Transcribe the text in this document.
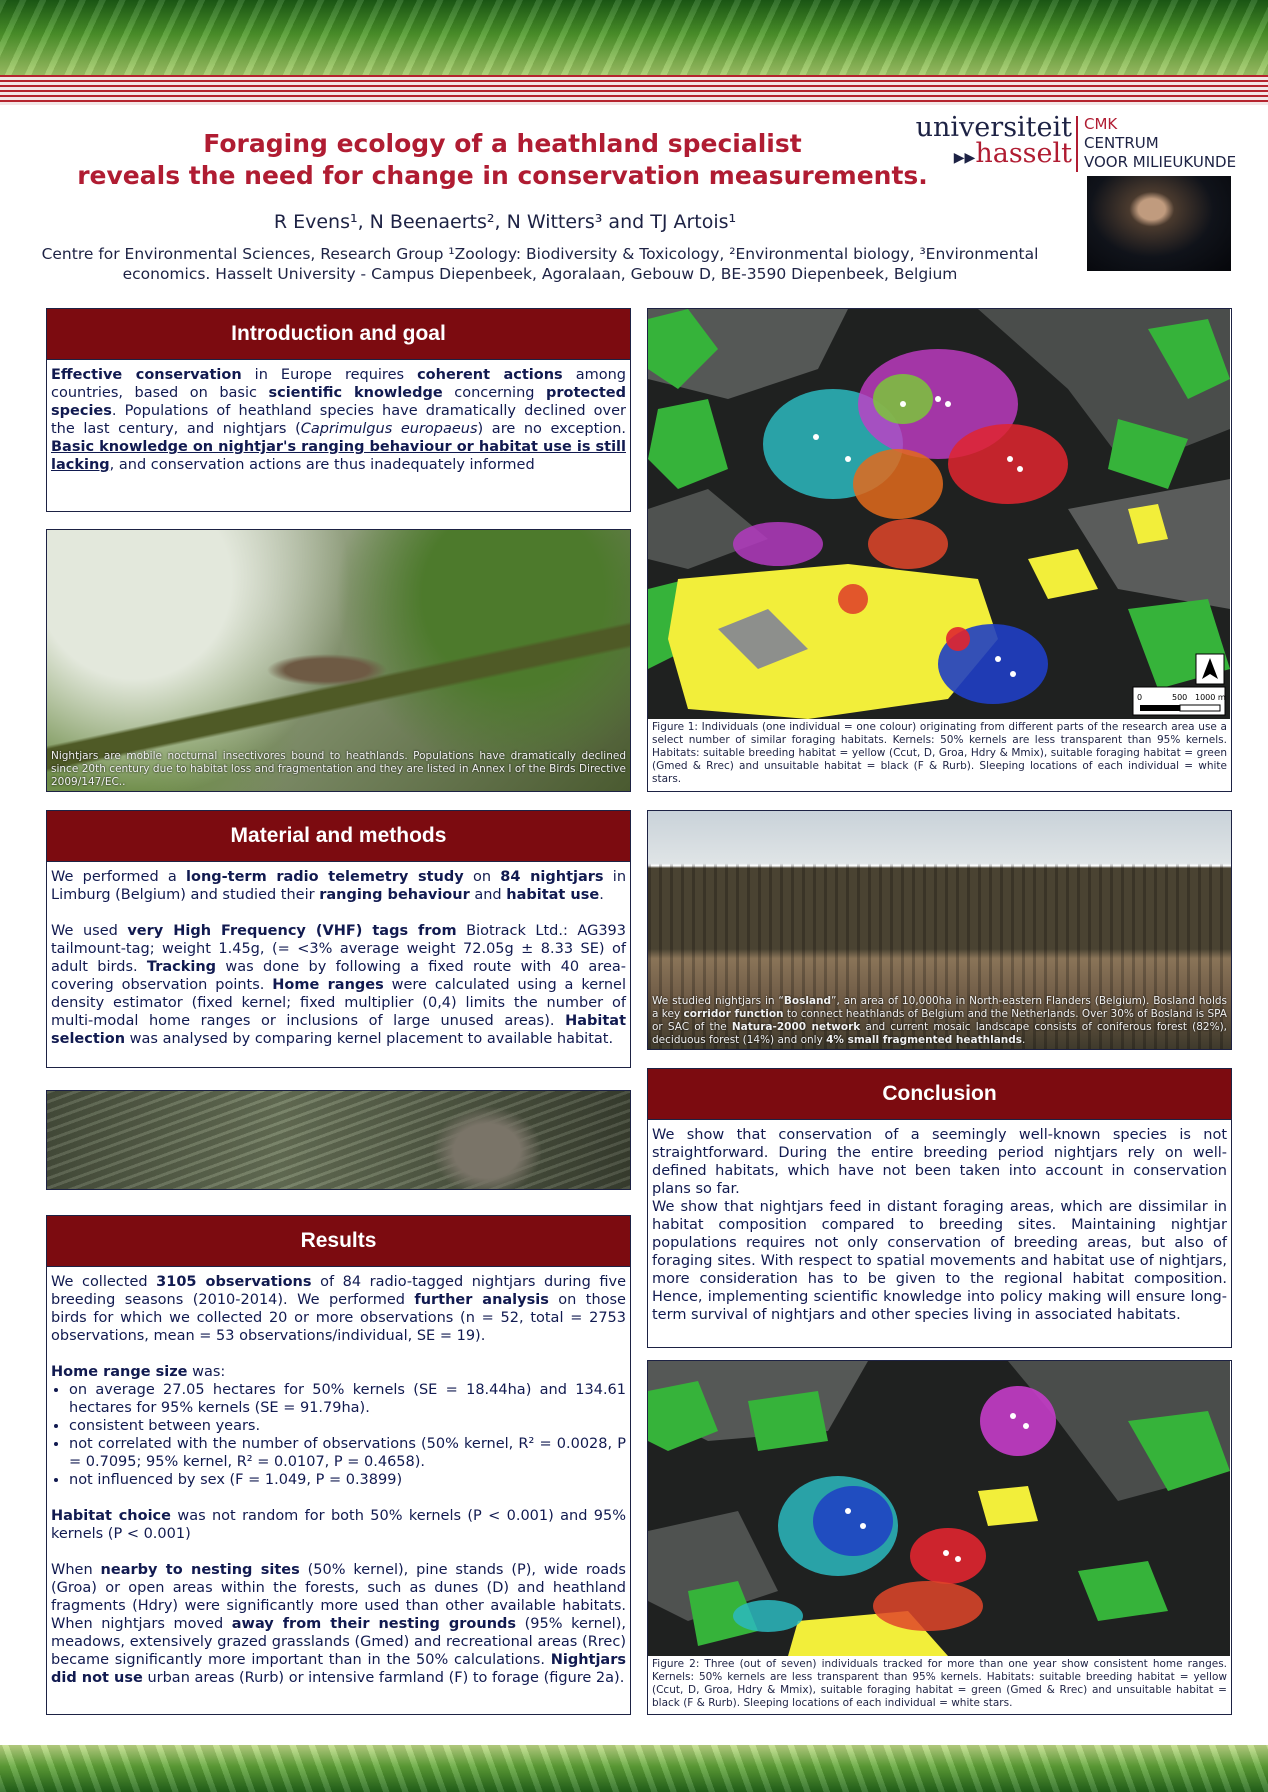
Foraging ecology of a heathland specialist
reveals the need for change in conservation measurements.
R Evens¹, N Beenaerts², N Witters³ and TJ Artois¹
Centre for Environmental Sciences, Research Group ¹Zoology: Biodiversity & Toxicology, ²Environmental biology, ³Environmental economics. Hasselt University - Campus Diepenbeek, Agoralaan, Gebouw D, BE-3590 Diepenbeek, Belgium
universiteit
▶▶hasselt
CMK
CENTRUM
VOOR MILIEUKUNDE
Introduction and goal

Effective conservation in Europe requires coherent actions among countries, based on basic scientific knowledge concerning protected species. Populations of heathland species have dramatically declined over the last century, and nightjars (Caprimulgus europaeus) are no exception. Basic knowledge on nightjar's ranging behaviour or habitat use is still lacking, and conservation actions are thus inadequately informed

Nightjars are mobile nocturnal insectivores bound to heathlands. Populations have dramatically declined since 20th century due to habitat loss and fragmentation and they are listed in Annex I of the Birds Directive 2009/147/EC..
Material and methods

We performed a long-term radio telemetry study on 84 nightjars in Limburg (Belgium) and studied their ranging behaviour and habitat use.

We used very High Frequency (VHF) tags from Biotrack Ltd.: AG393 tailmount-tag; weight 1.45g, (= <3% average weight 72.05g ± 8.33 SE) of adult birds. Tracking was done by following a fixed route with 40 area-covering observation points. Home ranges were calculated using a kernel density estimator (fixed kernel; fixed multiplier (0,4) limits the number of multi-modal home ranges or inclusions of large unused areas). Habitat selection was analysed by comparing kernel placement to available habitat.

Results

We collected 3105 observations of 84 radio-tagged nightjars during five breeding seasons (2010-2014). We performed further analysis on those birds for which we collected 20 or more observations (n = 52, total = 2753 observations, mean = 53 observations/individual, SE = 19).

Home range size was:

• on average 27.05 hectares for 50% kernels (SE = 18.44ha) and 134.61 hectares for 95% kernels (SE = 91.79ha).
• consistent between years.
• not correlated with the number of observations (50% kernel, R² = 0.0028, P = 0.7095; 95% kernel, R² = 0.0107, P = 0.4658).
• not influenced by sex (F = 1.049, P = 0.3899)

Habitat choice was not random for both 50% kernels (P < 0.001) and 95% kernels (P < 0.001)

When nearby to nesting sites (50% kernel), pine stands (P), wide roads (Groa) or open areas within the forests, such as dunes (D) and heathland fragments (Hdry) were significantly more used than other available habitats. When nightjars moved away from their nesting grounds (95% kernel), meadows, extensively grazed grasslands (Gmed) and recreational areas (Rrec) became significantly more important than in the 50% calculations. Nightjars did not use urban areas (Rurb) or intensive farmland (F) to forage (figure 2a).

0	500 1000 m
Figure 1: Individuals (one individual = one colour) originating from different parts of the research area use a select number of similar foraging habitats. Kernels: 50% kernels are less transparent than 95% kernels. Habitats: suitable breeding habitat = yellow (Ccut, D, Groa, Hdry & Mmix), suitable foraging habitat = green (Gmed & Rrec) and unsuitable habitat = black (F & Rurb). Sleeping locations of each individual = white stars.
We studied nightjars in “Bosland”, an area of 10,000ha in North-eastern Flanders (Belgium). Bosland holds a key corridor function to connect heathlands of Belgium and the Netherlands. Over 30% of Bosland is SPA or SAC of the Natura-2000 network and current mosaic landscape consists of coniferous forest (82%), deciduous forest (14%) and only 4% small fragmented heathlands.
Conclusion

We show that conservation of a seemingly well-known species is not straightforward. During the entire breeding period nightjars rely on well-defined habitats, which have not been taken into account in conservation plans so far.

We show that nightjars feed in distant foraging areas, which are dissimilar in habitat composition compared to breeding sites. Maintaining nightjar populations requires not only conservation of breeding areas, but also of foraging sites. With respect to spatial movements and habitat use of nightjars, more consideration has to be given to the regional habitat composition. Hence, implementing scientific knowledge into policy making will ensure long-term survival of nightjars and other species living in associated habitats.

Figure 2: Three (out of seven) individuals tracked for more than one year show consistent home ranges. Kernels: 50% kernels are less transparent than 95% kernels. Habitats: suitable breeding habitat = yellow (Ccut, D, Groa, Hdry & Mmix), suitable foraging habitat = green (Gmed & Rrec) and unsuitable habitat = black (F & Rurb). Sleeping locations of each individual = white stars.
